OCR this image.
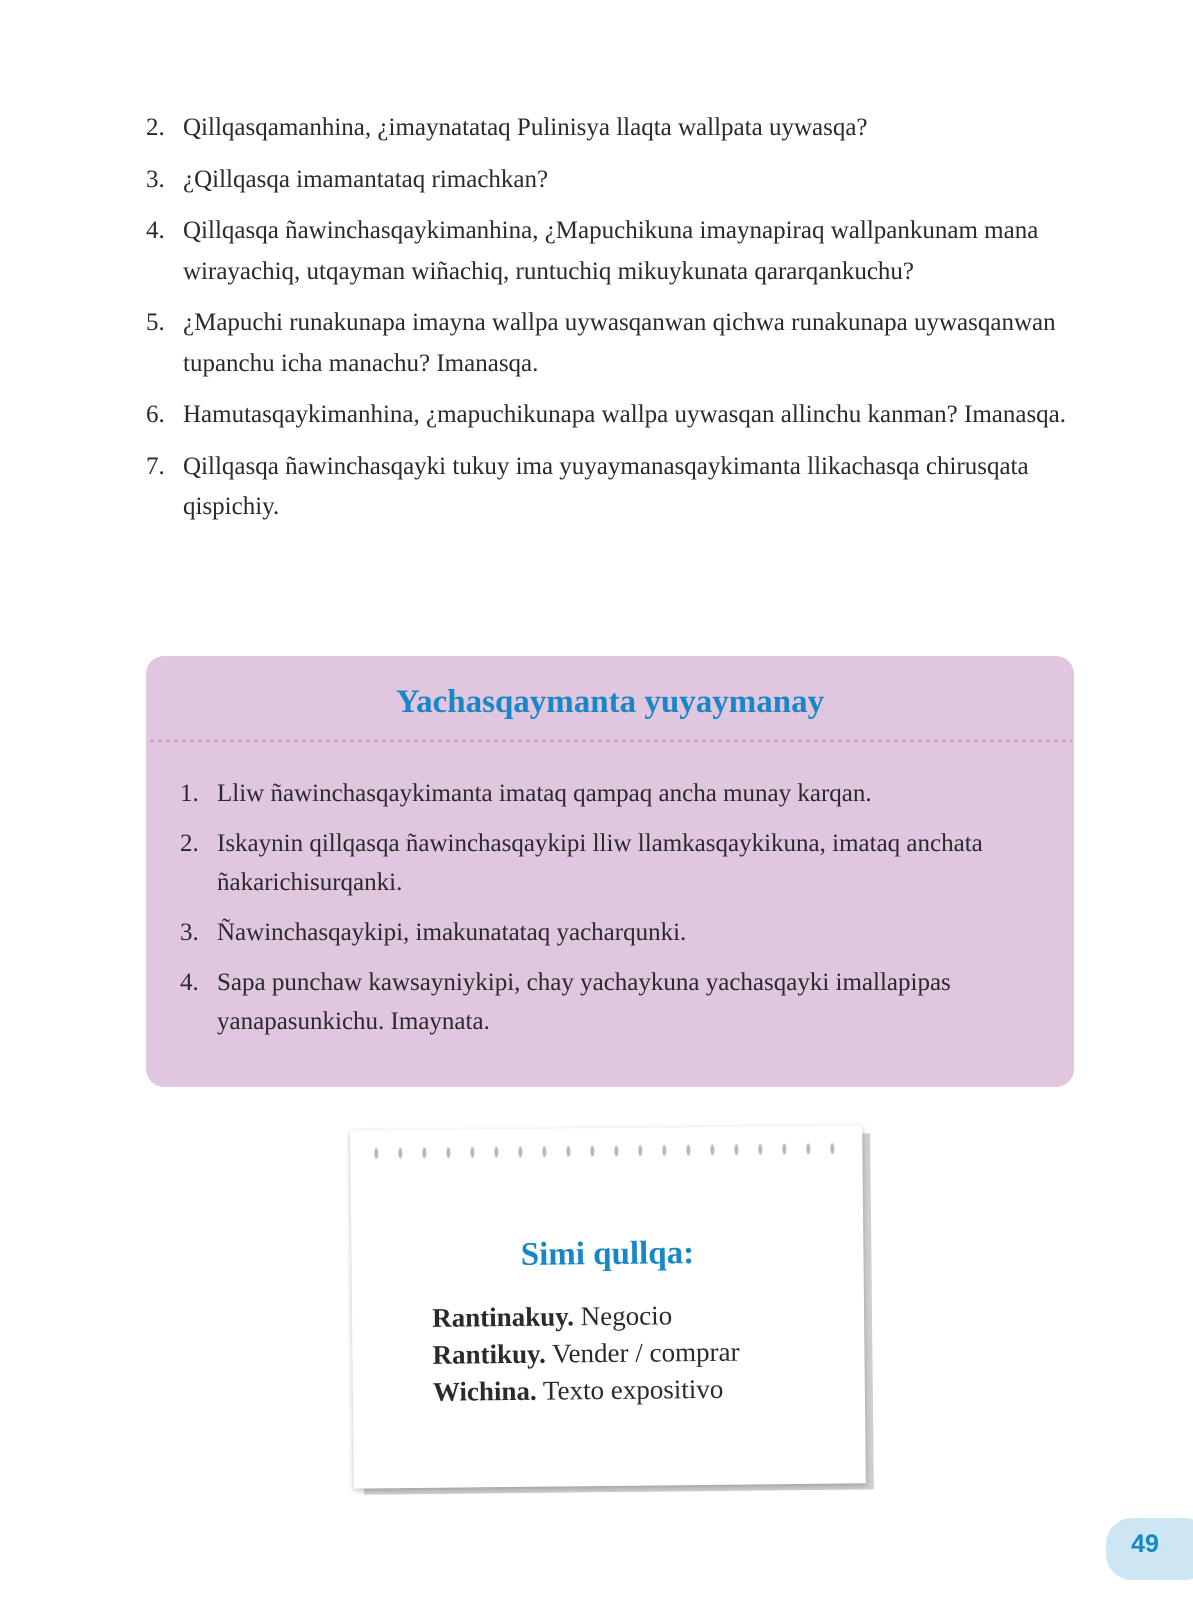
2. Qillqasqamanhina, ¿imaynatataq Pulinisya llaqta wallpata uywasqa?
3. ¿Qillqasqa imamantataq rimachkan?
4. Qillqasqa ñawinchasqaykimanhina, ¿Mapuchikuna imaynapiraq wallpankunam mana wirayachiq, utqayman wiñachiq, runtuchiq mikuykunata qararqankuchu?
5. ¿Mapuchi runakunapa imayna wallpa uywasqanwan qichwa runakunapa uywasqanwan tupanchu icha manachu? Imanasqa.
6. Hamutasqaykimanhina, ¿mapuchikunapa wallpa uywasqan allinchu kanman? Imanasqa.
7. Qillqasqa ñawinchasqayki tukuy ima yuyaymanasqaykimanta llikachasqa chirusqata qispichiy.
Yachasqaymanta yuyaymanay
1. Lliw ñawinchasqaykimanta imataq qampaq ancha munay karqan.
2. Iskaynin qillqasqa ñawinchasqaykipi lliw llamkasqaykikuna, imataq anchata ñakarichisurqanki.
3. Ñawinchasqaykipi, imakunatataq yacharqunki.
4. Sapa punchaw kawsayniykipi, chay yachaykuna yachasqayki imallapipas yanapasunkichu. Imaynata.
Simi qullqa:
Rantinakuy. Negocio
Rantikuy. Vender / comprar
Wichina. Texto expositivo
49
